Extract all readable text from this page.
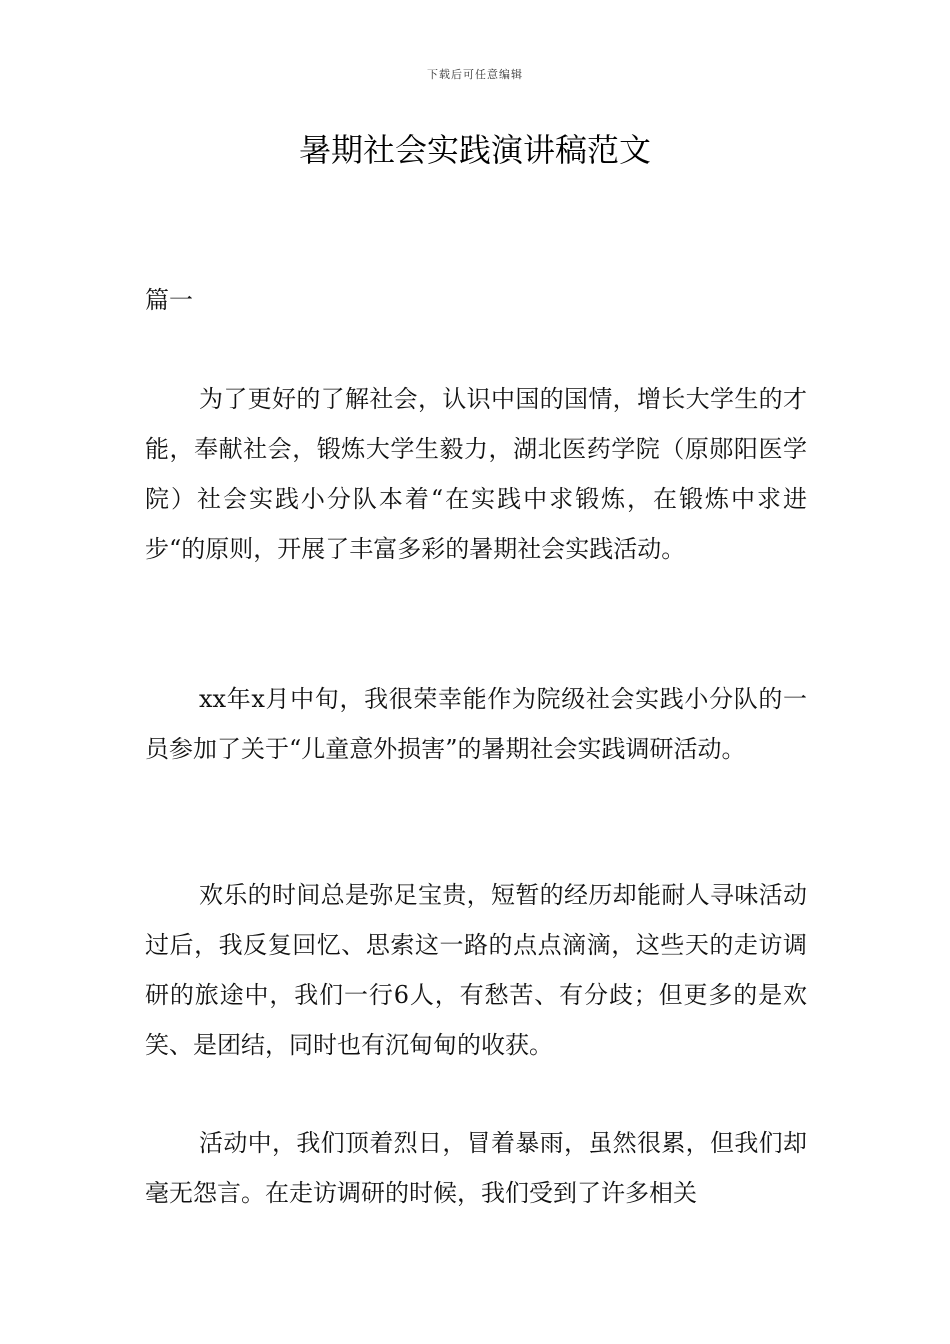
下载后可任意编辑
暑期社会实践演讲稿范文
篇一

为了更好的了解社会，认识中国的国情，增长大学生的才能，奉献社会，锻炼大学生毅力，湖北医药学院（原郧阳医学院）社会实践小分队本着“在实践中求锻炼，在锻炼中求进步“的原则，开展了丰富多彩的暑期社会实践活动。

xx年x月中旬，我很荣幸能作为院级社会实践小分队的一员参加了关于“儿童意外损害”的暑期社会实践调研活动。

欢乐的时间总是弥足宝贵，短暂的经历却能耐人寻味活动过后，我反复回忆、思索这一路的点点滴滴，这些天的走访调研的旅途中，我们一行6人，有愁苦、有分歧；但更多的是欢笑、是团结，同时也有沉甸甸的收获。

活动中，我们顶着烈日，冒着暴雨，虽然很累，但我们却毫无怨言。在走访调研的时候，我们受到了许多相关
